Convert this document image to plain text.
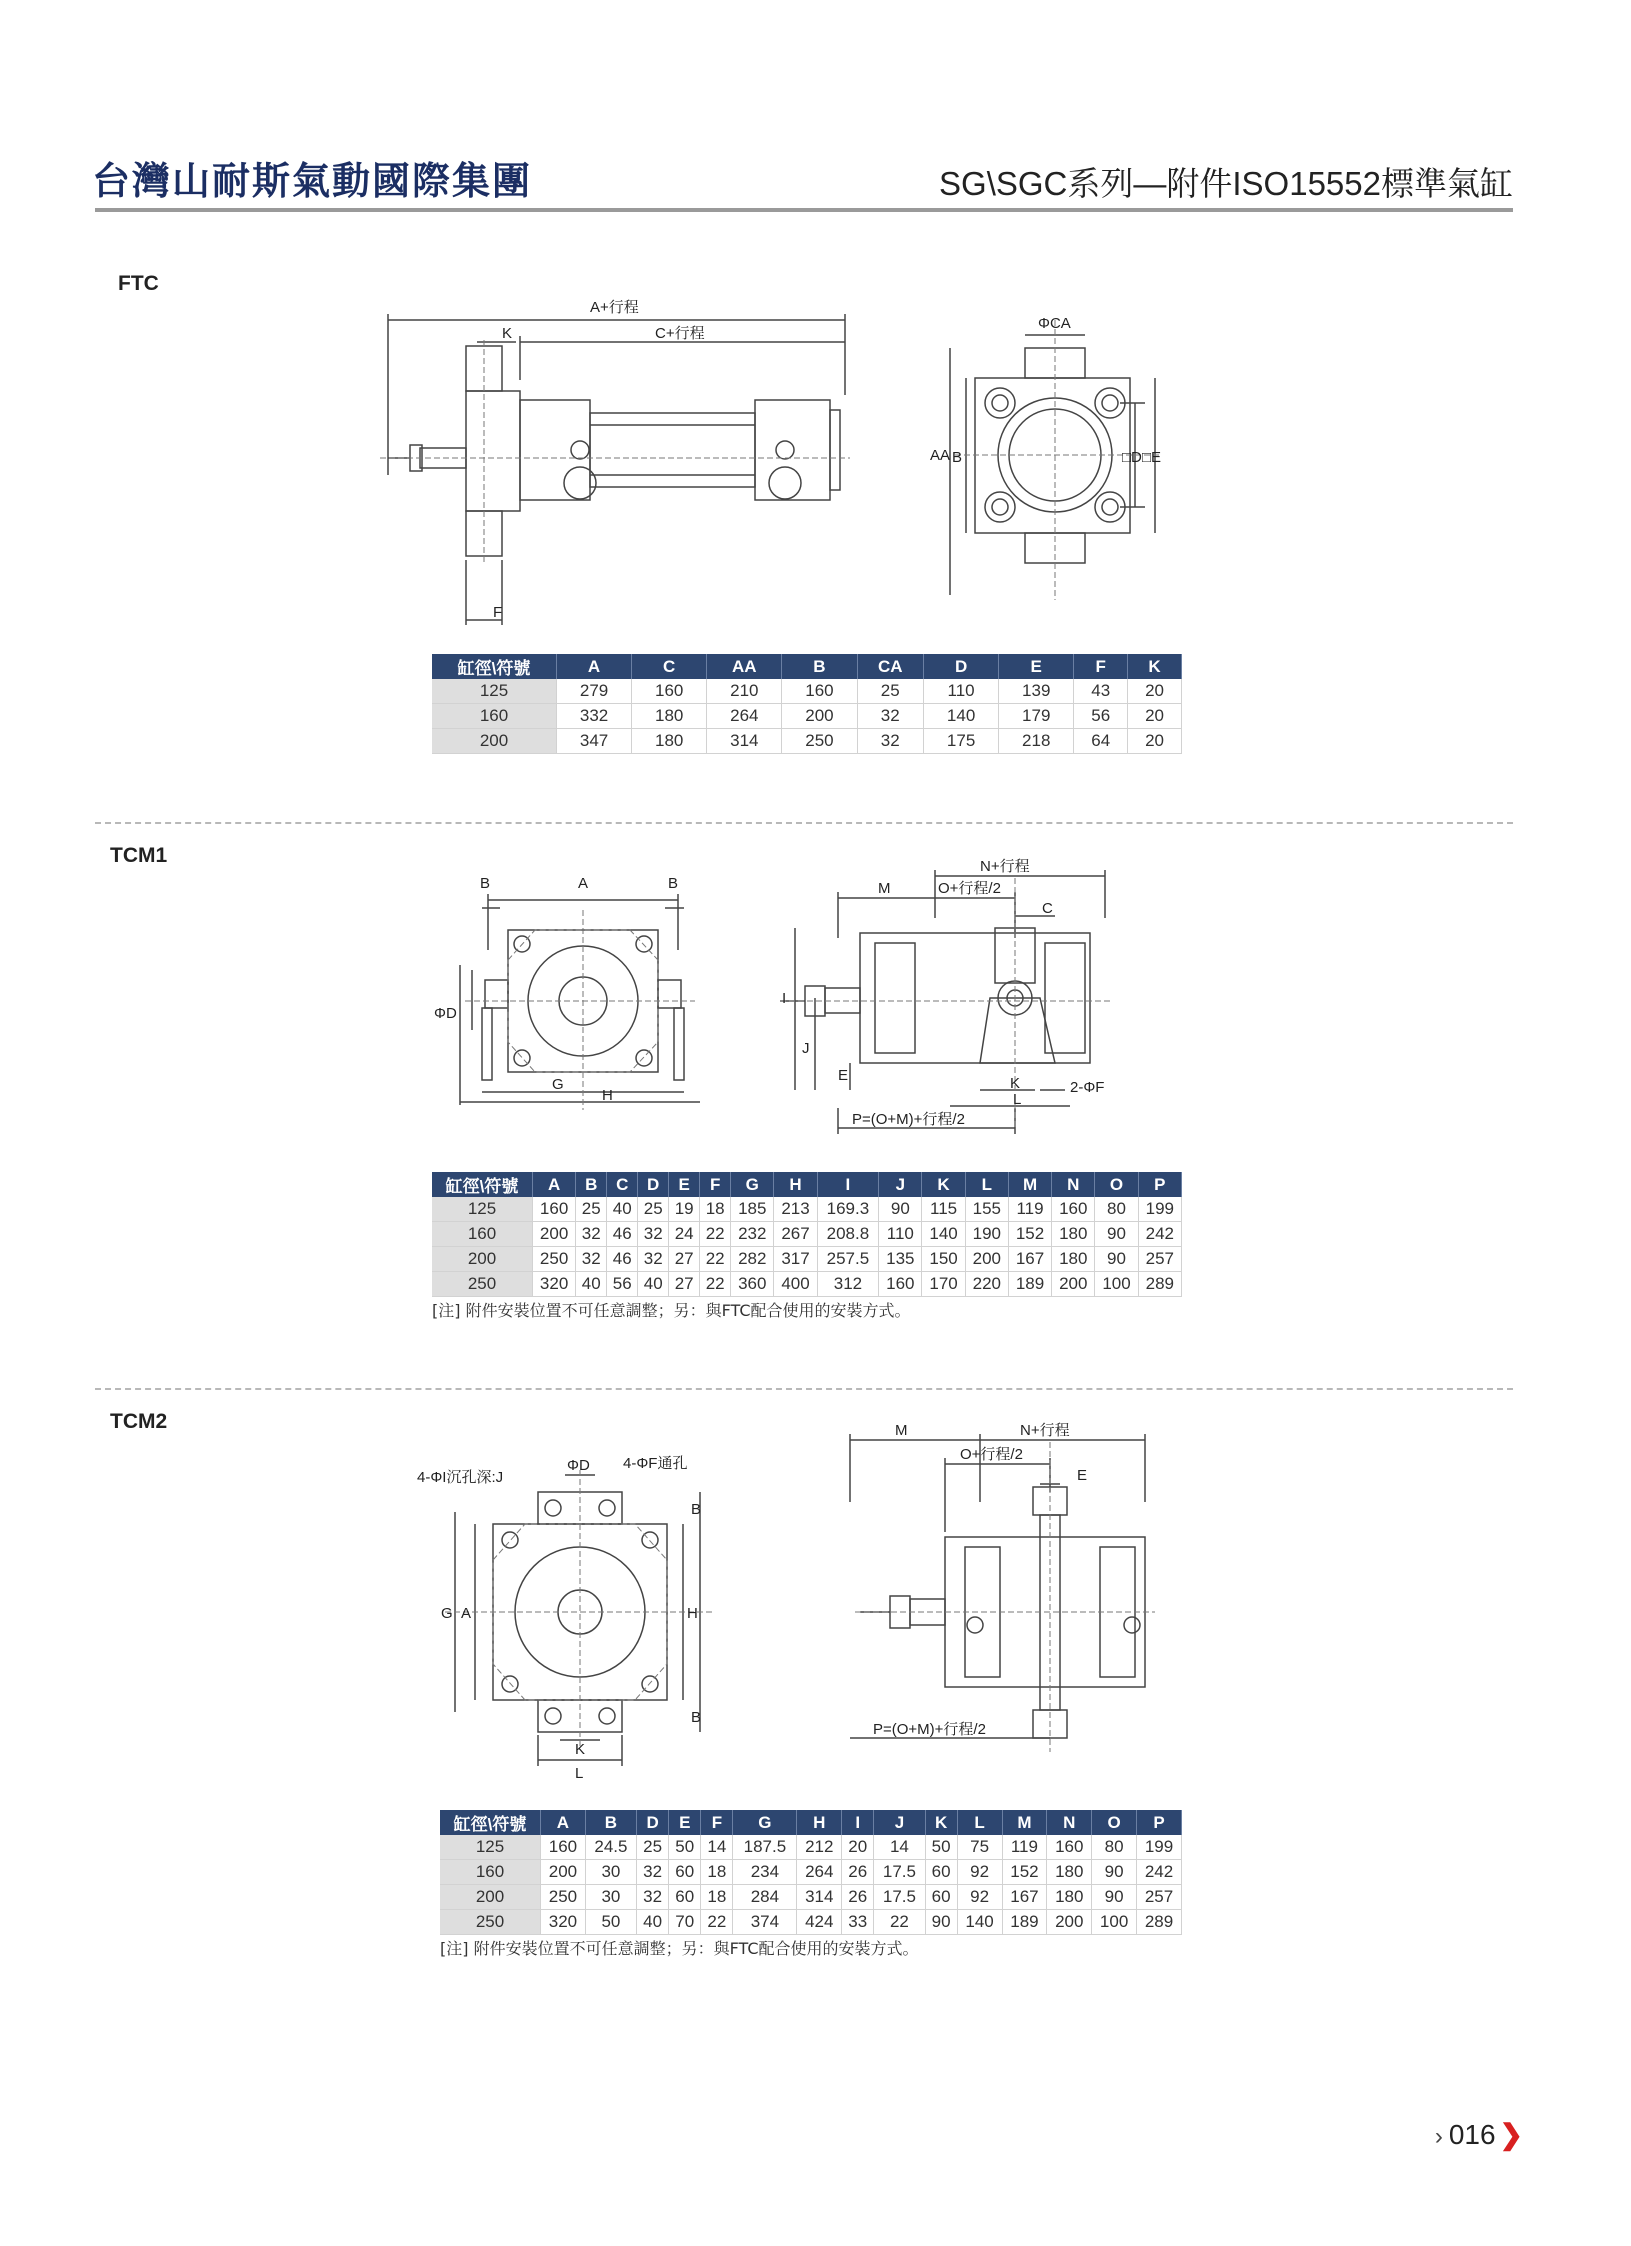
台灣山耐斯氣動國際集團	SG\SGC系列—附件ISO15552標準氣缸
FTC
A+行程
C+行程
K
F
ΦCA
AA B	□D □E
缸徑\符號	A	C	AA	B	CA	D	E	F	K
125	279	160	210	160	25	110	139	43	20
160	332	180	264	200	32	140	179	56	20
200	347	180	314	250	32	175	218	64	20
TCM1
B	A	B
ΦD
G
H
N+行程
M	O+行程/2
C
I
J
E	K	2-ΦF
L
P=(O+M)+行程/2
缸徑\符號	A	B	C	D	E	F	G	H	I	J	K	L	M	N	O	P
125	160	25	40	25	19	18	185	213	169.3	90	115	155	119	160	80	199
160	200	32	46	32	24	22	232	267	208.8	110	140	190	152	180	90	242
200	250	32	46	32	27	22	282	317	257.5	135	150	200	167	180	90	257
250	320	40	56	40	27	22	360	400	312	160	170	220	189	200	100	289
[注] 附件安裝位置不可任意調整；另：與FTC配合使用的安裝方式。
TCM2
4-ΦI沉孔深:J
ΦD 4-ΦF通孔
B
G A	H
B
K
L
M	N+行程
O+行程/2
E
P=(O+M)+行程/2
缸徑\符號	A	B	D	E	F	G	H	I	J	K	L	M	N	O	P
125	160	24.5	25	50	14	187.5	212	20	14	50	75	119	160	80	199
160	200	30	32	60	18	234	264	26	17.5	60	92	152	180	90	242
200	250	30	32	60	18	284	314	26	17.5	60	92	167	180	90	257
250	320	50	40	70	22	374	424	33	22	90	140	189	200	100	289
[注] 附件安裝位置不可任意調整；另：與FTC配合使用的安裝方式。
› 016 ❯
